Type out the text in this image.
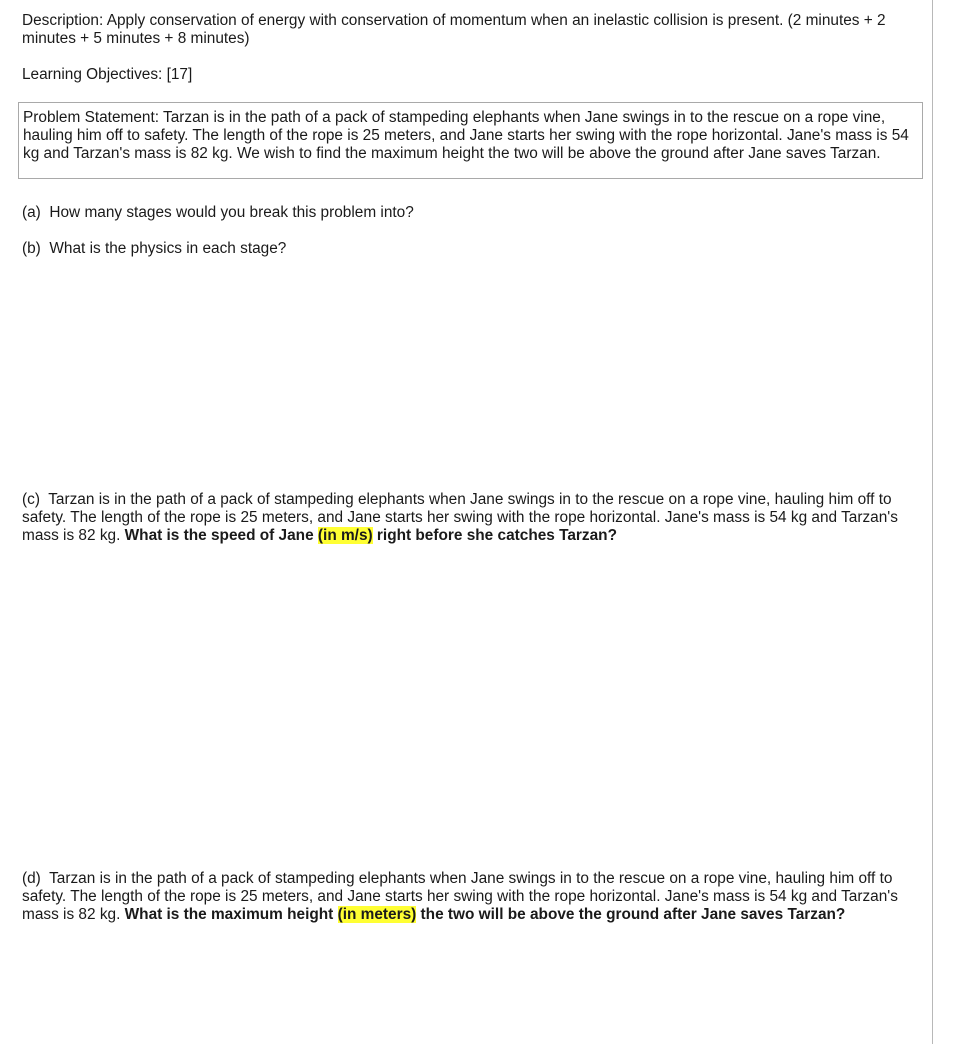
Description: Apply conservation of energy with conservation of momentum when an inelastic collision is present. (2 minutes + 2 minutes + 5 minutes + 8 minutes)

Learning Objectives: [17]

Problem Statement: Tarzan is in the path of a pack of stampeding elephants when Jane swings in to the rescue on a rope vine, hauling him off to safety. The length of the rope is 25 meters, and Jane starts her swing with the rope horizontal. Jane's mass is 54 kg and Tarzan's mass is 82 kg. We wish to find the maximum height the two will be above the ground after Jane saves Tarzan.

(a) How many stages would you break this problem into?

(b) What is the physics in each stage?

(c) Tarzan is in the path of a pack of stampeding elephants when Jane swings in to the rescue on a rope vine, hauling him off to safety. The length of the rope is 25 meters, and Jane starts her swing with the rope horizontal. Jane's mass is 54 kg and Tarzan's mass is 82 kg. What is the speed of Jane (in m/s) right before she catches Tarzan?

(d) Tarzan is in the path of a pack of stampeding elephants when Jane swings in to the rescue on a rope vine, hauling him off to safety. The length of the rope is 25 meters, and Jane starts her swing with the rope horizontal. Jane's mass is 54 kg and Tarzan's mass is 82 kg. What is the maximum height (in meters) the two will be above the ground after Jane saves Tarzan?
